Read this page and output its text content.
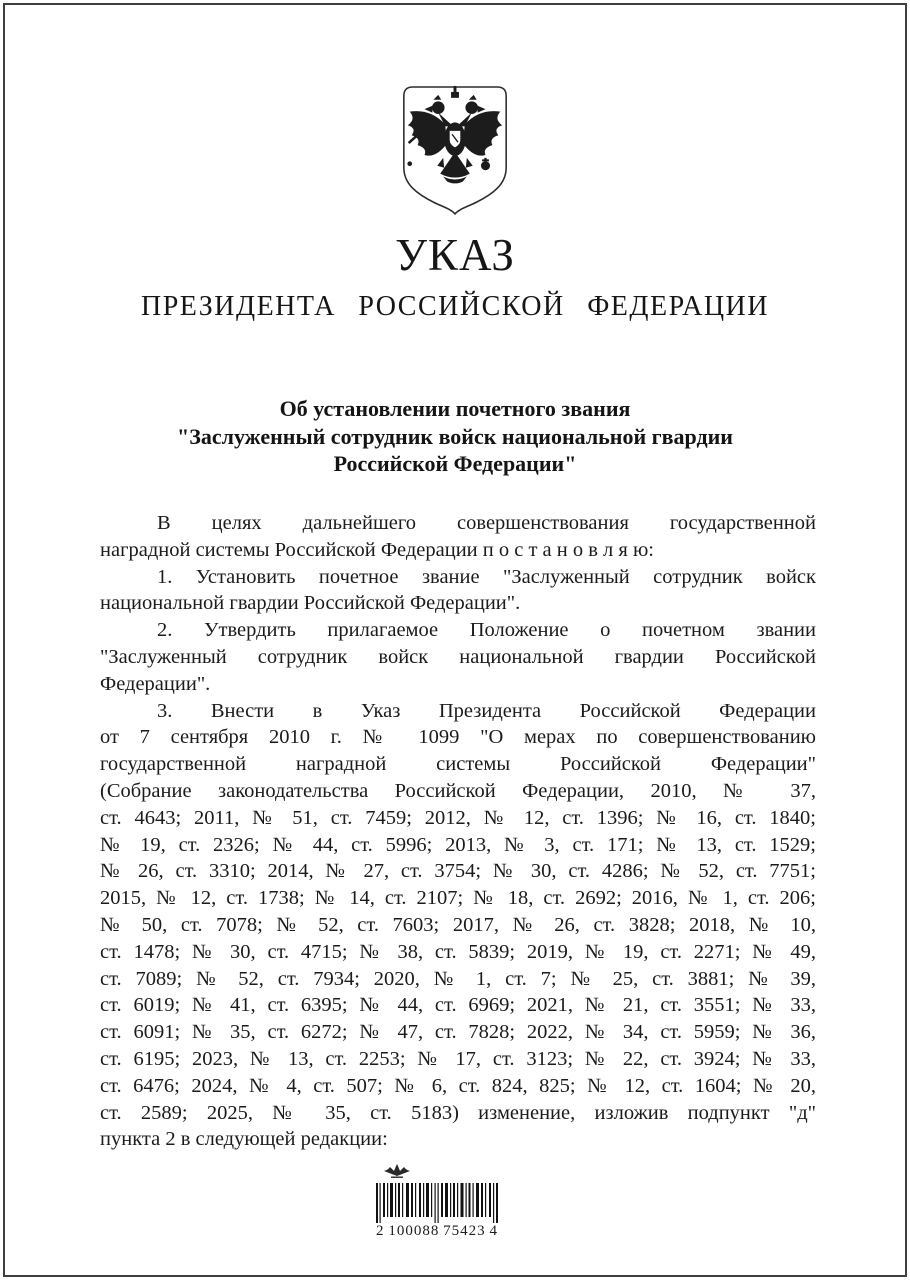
УКАЗ
ПРЕЗИДЕНТА РОССИЙСКОЙ ФЕДЕРАЦИИ
Об установлении почетного звания
"Заслуженный сотрудник войск национальной гвардии
Российской Федерации"
В целях дальнейшего совершенствования государственной
наградной системы Российской Федерации п о с т а н о в л я ю:
1. Установить почетное звание "Заслуженный сотрудник войск
национальной гвардии Российской Федерации".
2. Утвердить прилагаемое Положение о почетном звании
"Заслуженный сотрудник войск национальной гвардии Российской
Федерации".
3. Внести в Указ Президента Российской Федерации
от 7 сентября 2010 г. № 1099 "О мерах по совершенствованию
государственной наградной системы Российской Федерации"
(Собрание законодательства Российской Федерации, 2010, № 37,
ст. 4643; 2011, № 51, ст. 7459; 2012, № 12, ст. 1396; № 16, ст. 1840;
№ 19, ст. 2326; № 44, ст. 5996; 2013, № 3, ст. 171; № 13, ст. 1529;
№ 26, ст. 3310; 2014, № 27, ст. 3754; № 30, ст. 4286; № 52, ст. 7751;
2015, № 12, ст. 1738; № 14, ст. 2107; № 18, ст. 2692; 2016, № 1, ст. 206;
№ 50, ст. 7078; № 52, ст. 7603; 2017, № 26, ст. 3828; 2018, № 10,
ст. 1478; № 30, ст. 4715; № 38, ст. 5839; 2019, № 19, ст. 2271; № 49,
ст. 7089; № 52, ст. 7934; 2020, № 1, ст. 7; № 25, ст. 3881; № 39,
ст. 6019; № 41, ст. 6395; № 44, ст. 6969; 2021, № 21, ст. 3551; № 33,
ст. 6091; № 35, ст. 6272; № 47, ст. 7828; 2022, № 34, ст. 5959; № 36,
ст. 6195; 2023, № 13, ст. 2253; № 17, ст. 3123; № 22, ст. 3924; № 33,
ст. 6476; 2024, № 4, ст. 507; № 6, ст. 824, 825; № 12, ст. 1604; № 20,
ст. 2589; 2025, № 35, ст. 5183) изменение, изложив подпункт "д"
пункта 2 в следующей редакции:
2 100088 75423 4
